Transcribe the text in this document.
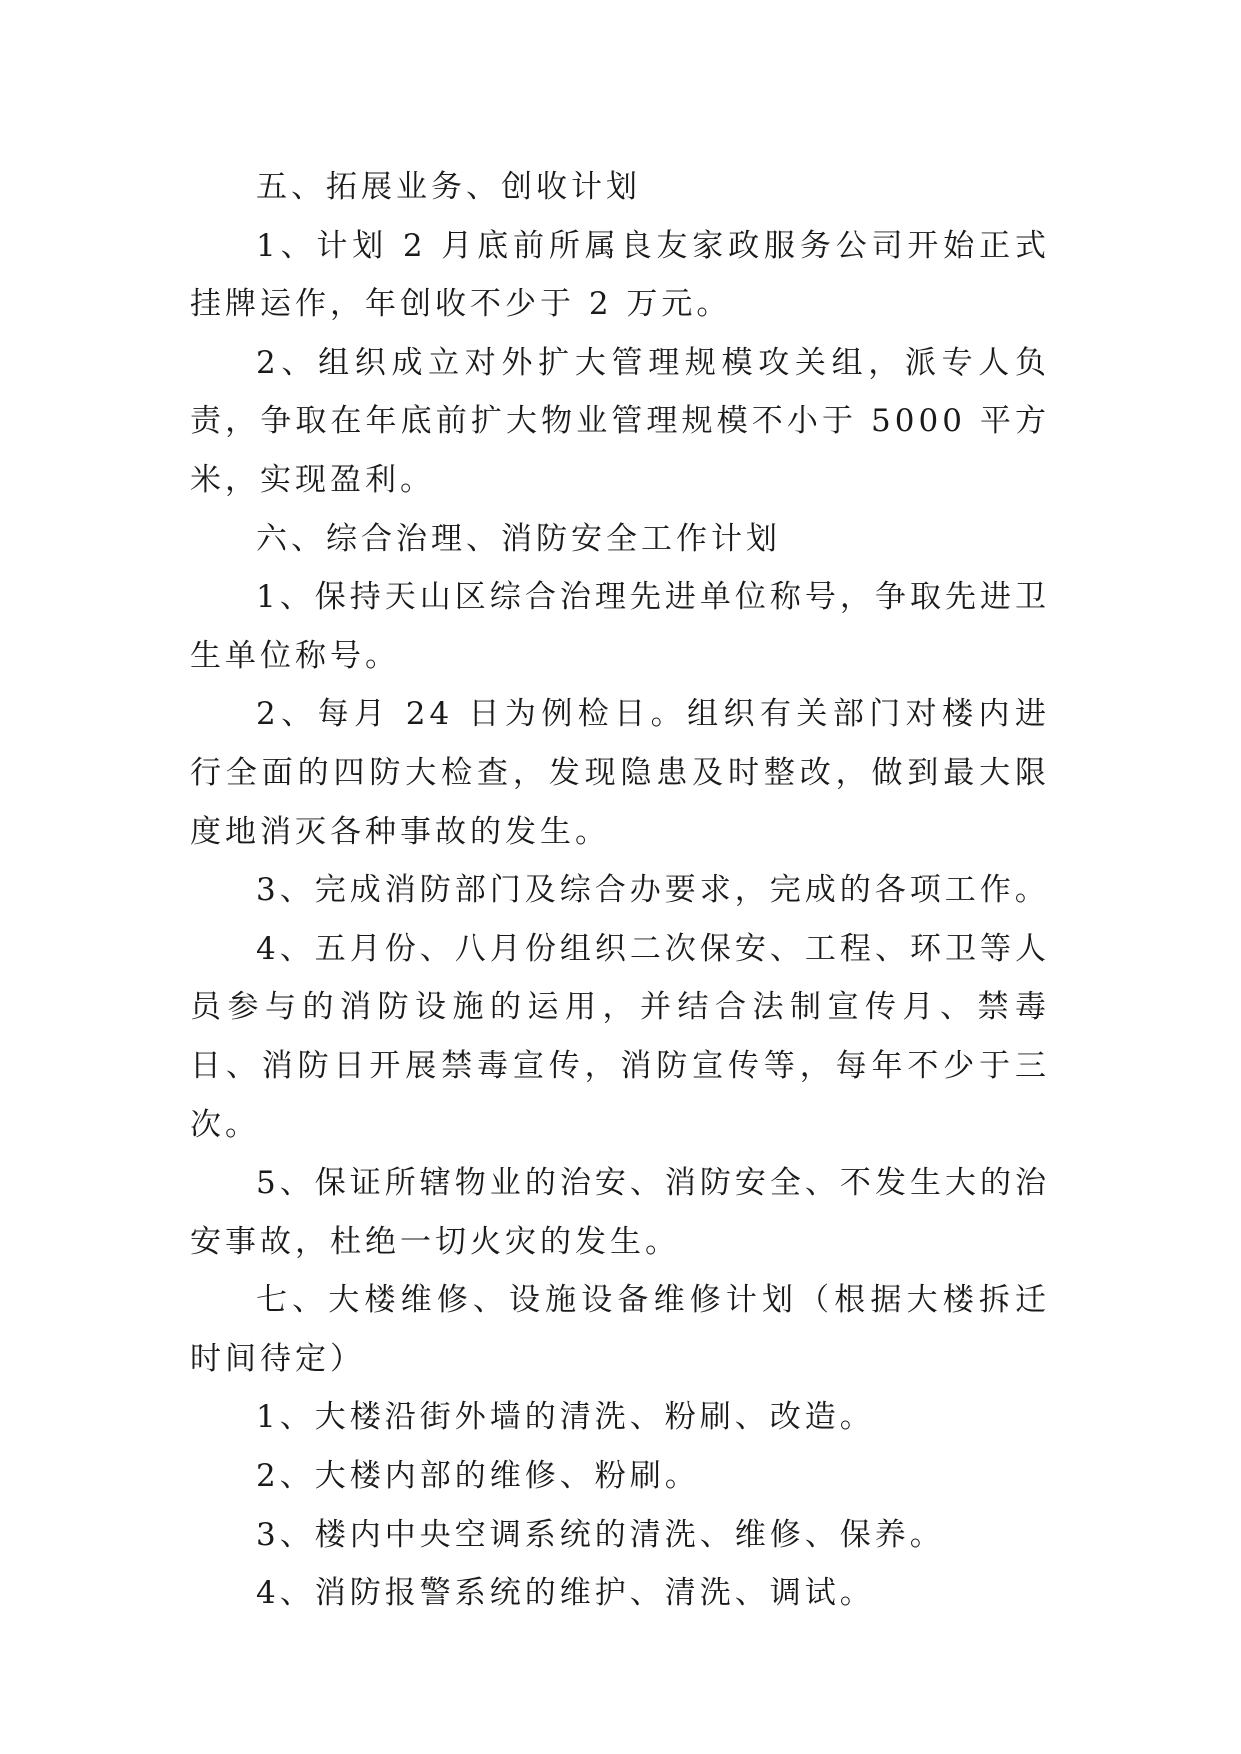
五、拓展业务、创收计划

1、计划 2 月底前所属良友家政服务公司开始正式挂牌运作，年创收不少于 2 万元。

2、组织成立对外扩大管理规模攻关组，派专人负责，争取在年底前扩大物业管理规模不小于 5000 平方米，实现盈利。

六、综合治理、消防安全工作计划

1、保持天山区综合治理先进单位称号，争取先进卫生单位称号。

2、每月 24 日为例检日。组织有关部门对楼内进行全面的四防大检查，发现隐患及时整改，做到最大限度地消灭各种事故的发生。

3、完成消防部门及综合办要求，完成的各项工作。

4、五月份、八月份组织二次保安、工程、环卫等人员参与的消防设施的运用，并结合法制宣传月、禁毒日、消防日开展禁毒宣传，消防宣传等，每年不少于三次。

5、保证所辖物业的治安、消防安全、不发生大的治安事故，杜绝一切火灾的发生。

七、大楼维修、设施设备维修计划（根据大楼拆迁时间待定）

1、大楼沿街外墙的清洗、粉刷、改造。

2、大楼内部的维修、粉刷。

3、楼内中央空调系统的清洗、维修、保养。

4、消防报警系统的维护、清洗、调试。
